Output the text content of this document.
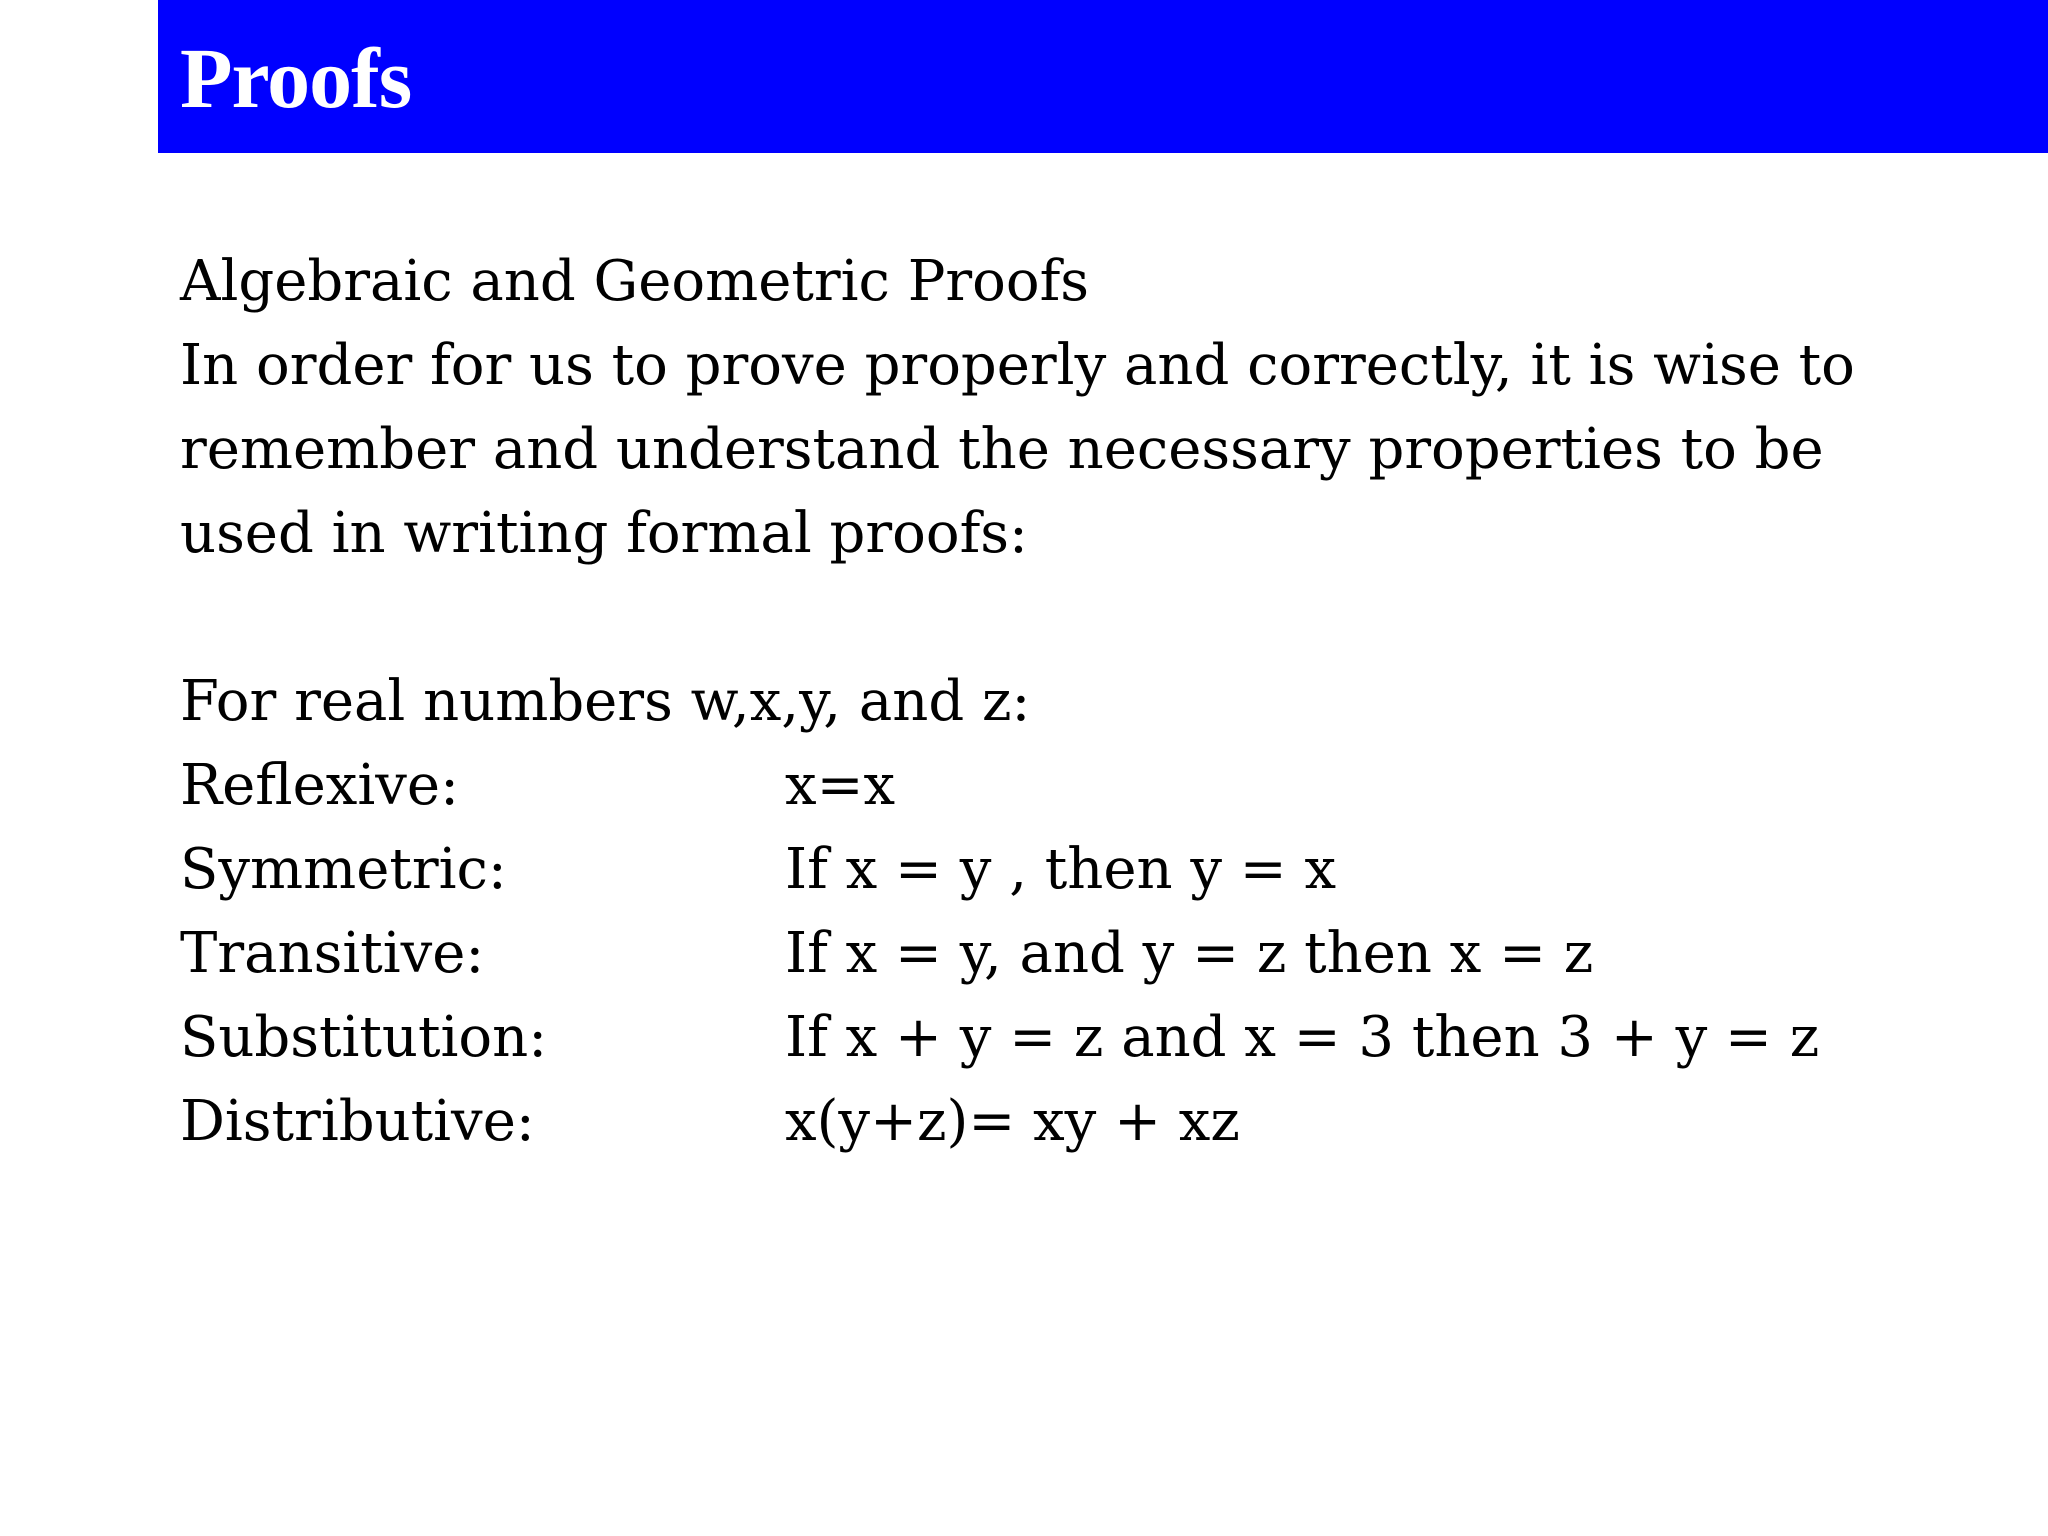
Proofs
Algebraic and Geometric Proofs
In order for us to prove properly and correctly, it is wise to
remember and understand the necessary properties to be
used in writing formal proofs:
For real numbers w,x,y, and z:
Reflexive:	x=x
Symmetric:	If x = y , then y = x
Transitive:	If x = y, and y = z then x = z
Substitution:	If x + y = z and x = 3 then 3 + y = z
Distributive:	x(y+z)= xy + xz
